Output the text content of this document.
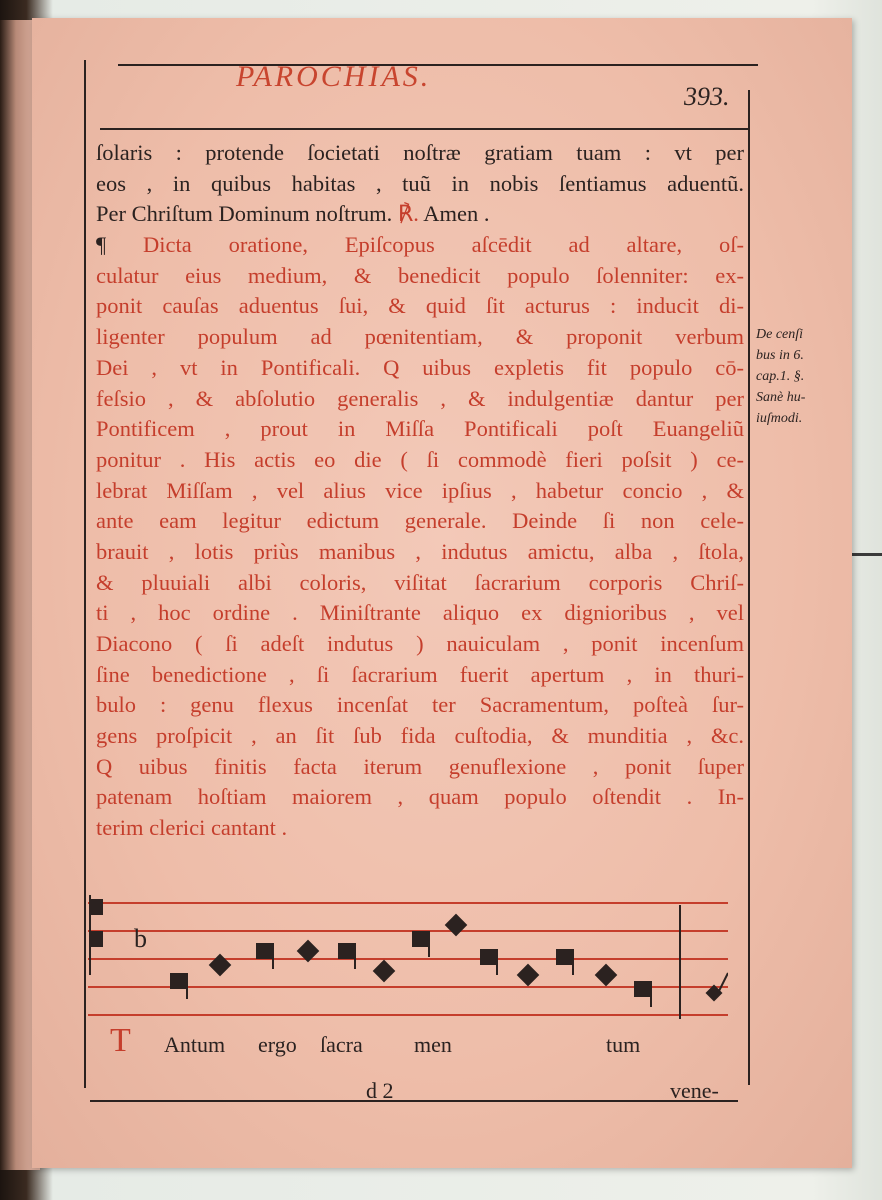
PAROCHIAS.
393.
ſolaris : protende ſocietati noſtræ gratiam tuam : vt per
eos , in quibus habitas , tuũ in nobis ſentiamus aduentũ.
Per Chriſtum Dominum noſtrum. ℟. Amen .
¶ Dicta oratione, Epiſcopus aſcēdit ad altare, oſ-
culatur eius medium, & benedicit populo ſolenniter: ex-
ponit cauſas aduentus ſui, & quid ſit acturus : inducit di-
ligenter populum ad pœnitentiam, & proponit verbum
Dei , vt in Pontificali. Q uibus expletis fit populo cō-
feſsio , & abſolutio generalis , & indulgentiæ dantur per
Pontificem , prout in Miſſa Pontificali poſt Euangeliũ
ponitur . His actis eo die ( ſi commodè fieri poſsit ) ce-
lebrat Miſſam , vel alius vice ipſius , habetur concio , &
ante eam legitur edictum generale. Deinde ſi non cele-
brauit , lotis priùs manibus , indutus amictu, alba , ſtola,
& pluuiali albi coloris, viſitat ſacrarium corporis Chriſ-
ti , hoc ordine . Miniſtrante aliquo ex dignioribus , vel
Diacono ( ſi adeſt indutus ) nauiculam , ponit incenſum
ſine benedictione , ſi ſacrarium fuerit apertum , in thuri-
bulo : genu flexus incenſat ter Sacramentum, poſteà ſur-
gens proſpicit , an ſit ſub fida cuſtodia, & munditia , &c.
Q uibus finitis facta iterum genuflexione , ponit ſuper
patenam hoſtiam maiorem , quam populo oſtendit . In-
terim clerici cantant .
De cenſi
bus in 6.
cap.1. §.
Sanè hu-
iuſmodi.
b
T Antum ergo ſacra men	tum
d 2	vene-
